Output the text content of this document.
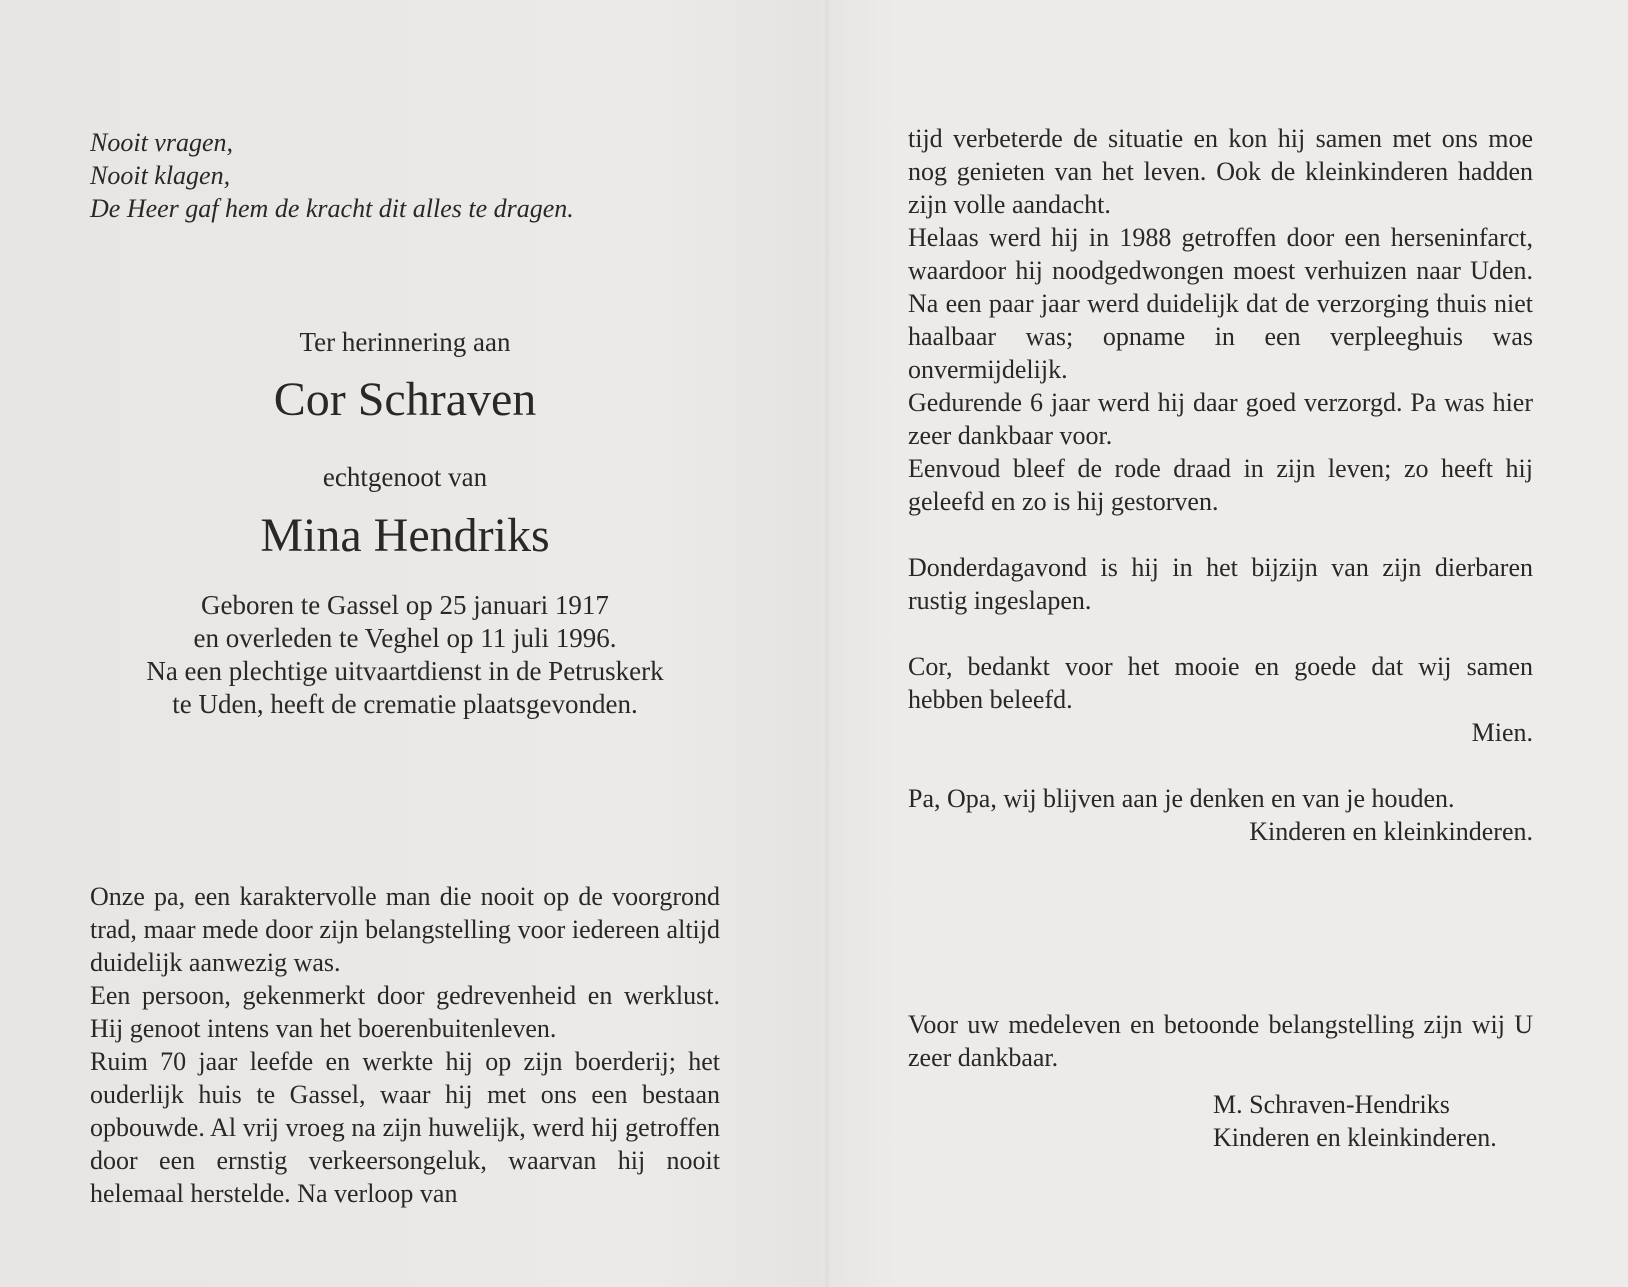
Nooit vragen,
Nooit klagen,
De Heer gaf hem de kracht dit alles te dragen.
Ter herinnering aan
Cor Schraven
echtgenoot van
Mina Hendriks
Geboren te Gassel op 25 januari 1917
en overleden te Veghel op 11 juli 1996.
Na een plechtige uitvaartdienst in de Petruskerk
te Uden, heeft de crematie plaatsgevonden.

Onze pa, een karaktervolle man die nooit op de voorgrond trad, maar mede door zijn belangstelling voor iedereen altijd duidelijk aanwezig was.

Een persoon, gekenmerkt door gedrevenheid en werklust. Hij genoot intens van het boerenbuitenleven.

Ruim 70 jaar leefde en werkte hij op zijn boerderij; het ouderlijk huis te Gassel, waar hij met ons een bestaan opbouwde. Al vrij vroeg na zijn huwelijk, werd hij getroffen door een ernstig verkeersongeluk, waarvan hij nooit helemaal herstelde. Na verloop van

tijd verbeterde de situatie en kon hij samen met ons moe nog genieten van het leven. Ook de kleinkinderen hadden zijn volle aandacht.

Helaas werd hij in 1988 getroffen door een herseninfarct, waardoor hij noodgedwongen moest verhuizen naar Uden. Na een paar jaar werd duidelijk dat de verzorging thuis niet haalbaar was; opname in een verpleeghuis was onvermijdelijk.

Gedurende 6 jaar werd hij daar goed verzorgd. Pa was hier zeer dankbaar voor.

Eenvoud bleef de rode draad in zijn leven; zo heeft hij geleefd en zo is hij gestorven.

Donderdagavond is hij in het bijzijn van zijn dierbaren rustig ingeslapen.

Cor, bedankt voor het mooie en goede dat wij samen hebben beleefd.

Mien.

Pa, Opa, wij blijven aan je denken en van je houden.

Kinderen en kleinkinderen.

Voor uw medeleven en betoonde belangstelling zijn wij U zeer dankbaar.

M. Schraven-Hendriks

Kinderen en kleinkinderen.
